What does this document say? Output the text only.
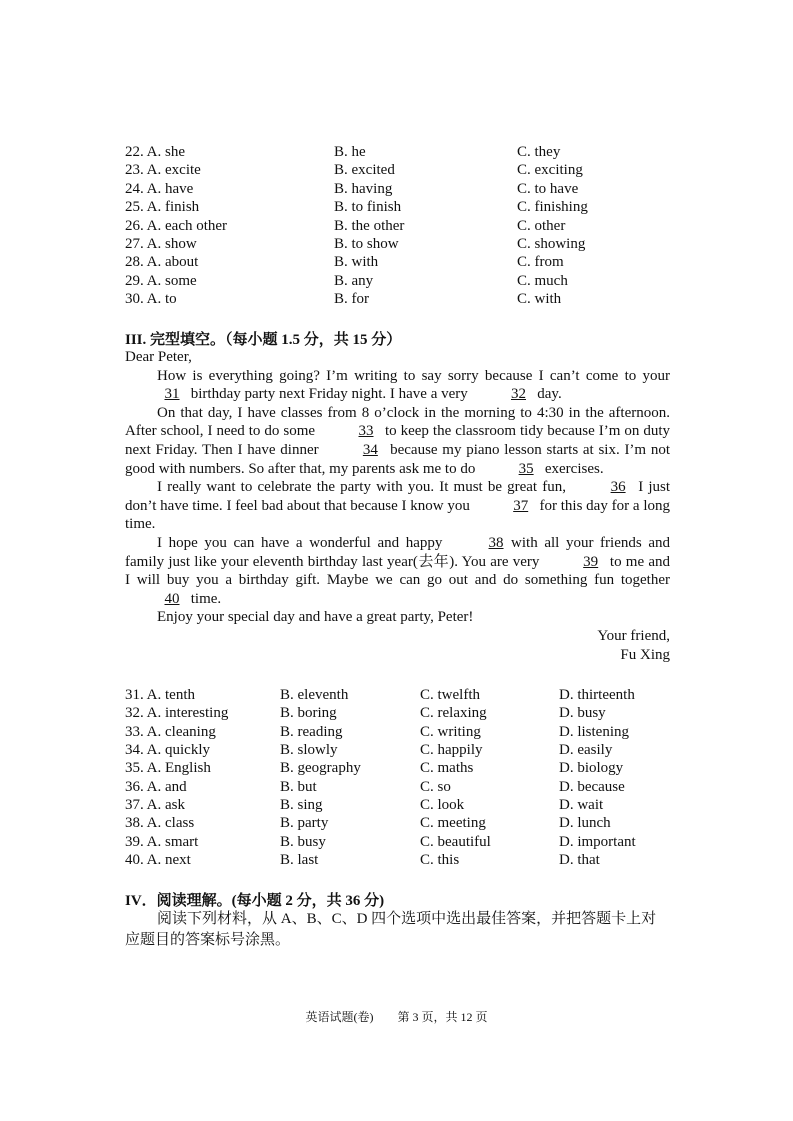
22. A. she	B. he	C. they
23. A. excite	B. excited	C. exciting
24. A. have	B. having	C. to have
25. A. finish	B. to finish	C. finishing
26. A. each other	B. the other	C. other
27. A. show	B. to show	C. showing
28. A. about	B. with	C. from
29. A. some	B. any	C. much
30. A. to	B. for	C. with
III. 完型填空。（每小题 1.5 分，共 15 分）

Dear Peter,

How is everything going? I’m writing to say sorry because I can’t come to your 31 birthday party next Friday night. I have a very	32 day.

On that day, I have classes from 8 o’clock in the morning to 4:30 in the afternoon. After school, I need to do some	33 to keep the classroom tidy because I’m on duty next Friday. Then I have dinner	34 because my piano lesson starts at six. I’m not good with numbers. So after that, my parents ask me to do	35 exercises.

I really want to celebrate the party with you. It must be great fun,	36 I just don’t have time. I feel bad about that because I know you	37 for this day for a long time.

I hope you can have a wonderful and happy	38 with all your friends and family just like your eleventh birthday last year(去年). You are very	39 to me and I will buy you a birthday gift. Maybe we can go out and do something fun together 40 time.

Enjoy your special day and have a great party, Peter!

Your friend,

Fu Xing

31. A. tenth	B. eleventh	C. twelfth	D. thirteenth
32. A. interesting	B. boring	C. relaxing	D. busy
33. A. cleaning	B. reading	C. writing	D. listening
34. A. quickly	B. slowly	C. happily	D. easily
35. A. English	B. geography	C. maths	D. biology
36. A. and	B. but	C. so	D. because
37. A. ask	B. sing	C. look	D. wait
38. A. class	B. party	C. meeting	D. lunch
39. A. smart	B. busy	C. beautiful	D. important
40. A. next	B. last	C. this	D. that
IV．阅读理解。(每小题 2 分，共 36 分)

阅读下列材料，从 A、B、C、D 四个选项中选出最佳答案，并把答题卡上对应题目的答案标号涂黑。

英语试题(卷)　　第 3 页，共 12 页
